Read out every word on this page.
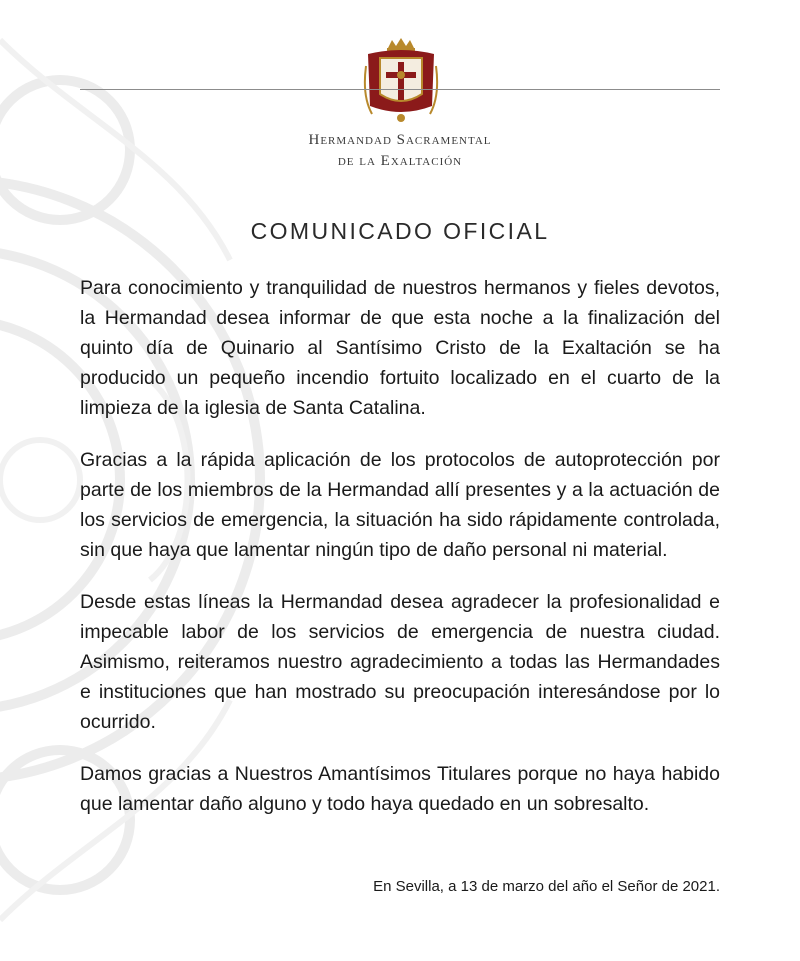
Hermandad Sacramental
de la Exaltación
COMUNICADO OFICIAL

Para conocimiento y tranquilidad de nuestros hermanos y fieles devotos, la Hermandad desea informar de que esta noche a la finalización del quinto día de Quinario al Santísimo Cristo de la Exaltación se ha producido un pequeño incendio fortuito localizado en el cuarto de la limpieza de la iglesia de Santa Catalina.

Gracias a la rápida aplicación de los protocolos de autoprotección por parte de los miembros de la Hermandad allí presentes y a la actuación de los servicios de emergencia, la situación ha sido rápidamente controlada, sin que haya que lamentar ningún tipo de daño personal ni material.

Desde estas líneas la Hermandad desea agradecer la profesionalidad e impecable labor de los servicios de emergencia de nuestra ciudad. Asimismo, reiteramos nuestro agradecimiento a todas las Hermandades e instituciones que han mostrado su preocupación interesándose por lo ocurrido.

Damos gracias a Nuestros Amantísimos Titulares porque no haya habido que lamentar daño alguno y todo haya quedado en un sobresalto.

En Sevilla, a 13 de marzo del año el Señor de 2021.
